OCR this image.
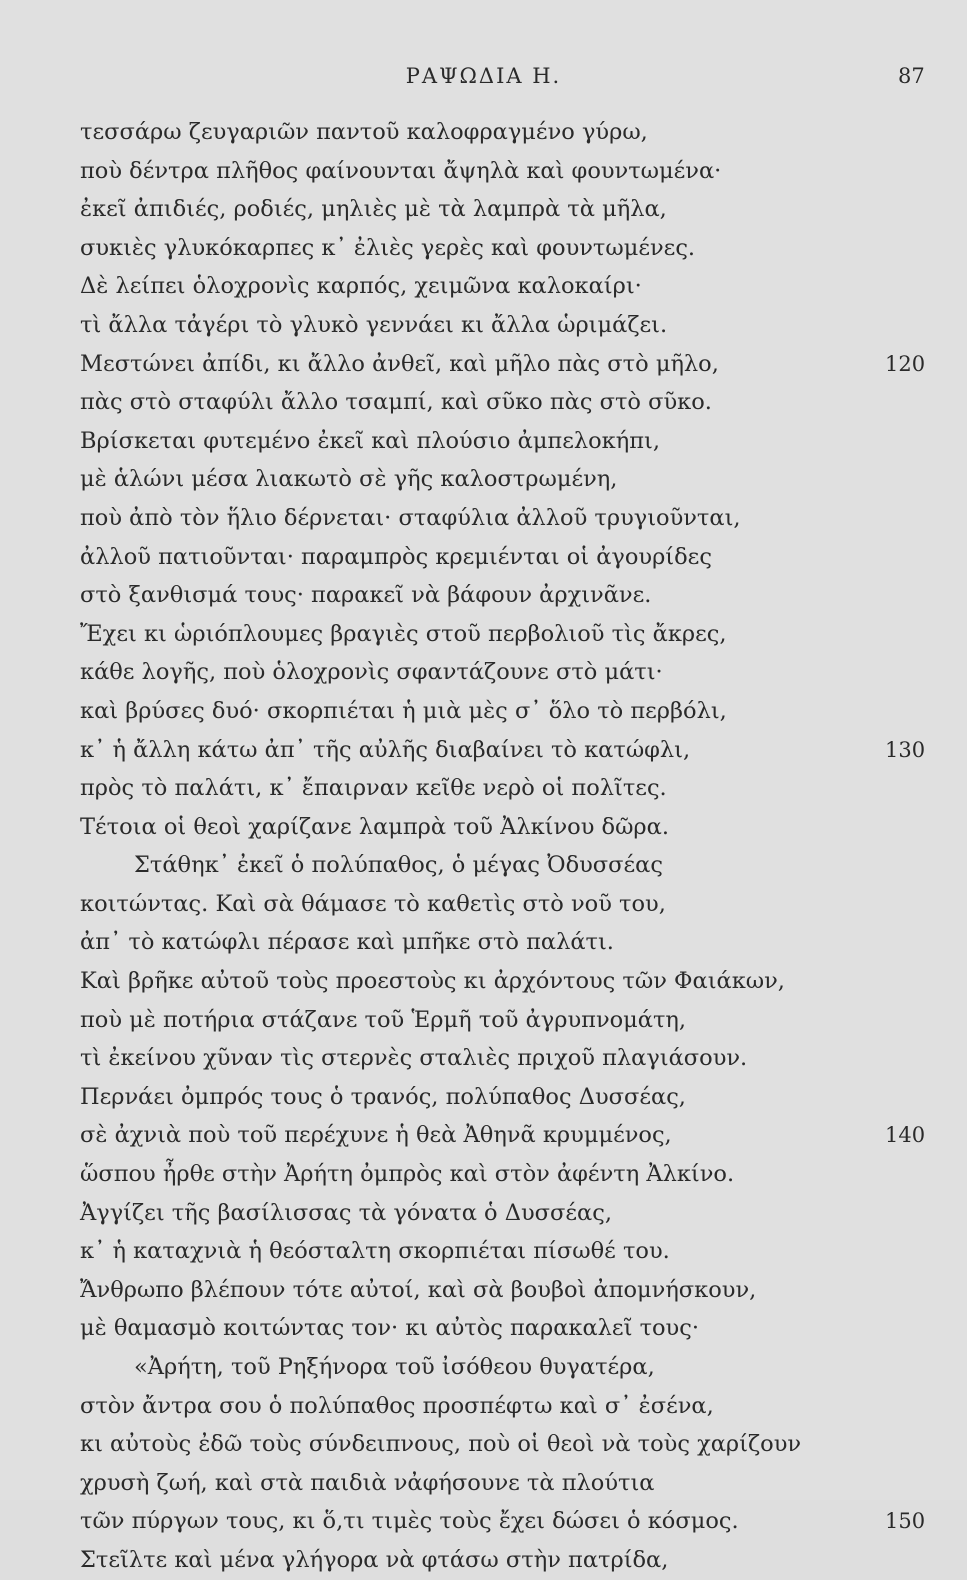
ΡΑΨΩΔΙΑ Η.	87
τεσσάρω ζευγαριῶν παντοῦ καλοφραγμένο γύρω,
ποὺ δέντρα πλῆθος φαίνουνται ἄψηλὰ καὶ φουντωμένα·
ἐκεῖ ἀπιδιές, ροδιές, μηλιὲς μὲ τὰ λαμπρὰ τὰ μῆλα,
συκιὲς γλυκόκαρπες κ᾿ ἐλιὲς γερὲς καὶ φουντωμένες.
Δὲ λείπει ὁλοχρονὶς καρπός, χειμῶνα καλοκαίρι·
τὶ ἄλλα τἀγέρι τὸ γλυκὸ γεννάει κι ἄλλα ὡριμάζει.
Μεστώνει ἀπίδι, κι ἄλλο ἀνθεῖ, καὶ μῆλο πὰς στὸ μῆλο,	120
πὰς στὸ σταφύλι ἄλλο τσαμπί, καὶ σῦκο πὰς στὸ σῦκο.
Βρίσκεται φυτεμένο ἐκεῖ καὶ πλούσιο ἀμπελοκήπι,
μὲ ἁλώνι μέσα λιακωτὸ σὲ γῆς καλοστρωμένη,
ποὺ ἀπὸ τὸν ἥλιο δέρνεται· σταφύλια ἀλλοῦ τρυγιοῦνται,
ἀλλοῦ πατιοῦνται· παραμπρὸς κρεμιένται οἱ ἀγουρίδες
στὸ ξανθισμά τους· παρακεῖ νὰ βάφουν ἀρχινᾶνε.
Ἔχει κι ὡριόπλουμες βραγιὲς στοῦ περβολιοῦ τὶς ἄκρες,
κάθε λογῆς, ποὺ ὁλοχρονὶς σφαντάζουνε στὸ μάτι·
καὶ βρύσες δυό· σκορπιέται ἡ μιὰ μὲς σ᾿ ὅλο τὸ περβόλι,
κ᾿ ἡ ἄλλη κάτω ἀπ᾿ τῆς αὐλῆς διαβαίνει τὸ κατώφλι,	130
πρὸς τὸ παλάτι, κ᾿ ἔπαιρναν κεῖθε νερὸ οἱ πολῖτες.
Τέτοια οἱ θεοὶ χαρίζανε λαμπρὰ τοῦ Ἀλκίνου δῶρα.
Στάθηκ᾿ ἐκεῖ ὁ πολύπαθος, ὁ μέγας Ὀδυσσέας
κοιτώντας. Καὶ σὰ θάμασε τὸ καθετὶς στὸ νοῦ του,
ἀπ᾿ τὸ κατώφλι πέρασε καὶ μπῆκε στὸ παλάτι.
Καὶ βρῆκε αὐτοῦ τοὺς προεστοὺς κι ἀρχόντους τῶν Φαιάκων,
ποὺ μὲ ποτήρια στάζανε τοῦ Ἑρμῆ τοῦ ἀγρυπνομάτη,
τὶ ἐκείνου χῦναν τὶς στερνὲς σταλιὲς πριχοῦ πλαγιάσουν.
Περνάει ὀμπρός τους ὁ τρανός, πολύπαθος Δυσσέας,
σὲ ἀχνιὰ ποὺ τοῦ περέχυνε ἡ θεὰ Ἀθηνᾶ κρυμμένος,	140
ὥσπου ἦρθε στὴν Ἀρήτη ὀμπρὸς καὶ στὸν ἀφέντη Ἀλκίνο.
Ἀγγίζει τῆς βασίλισσας τὰ γόνατα ὁ Δυσσέας,
κ᾿ ἡ καταχνιὰ ἡ θεόσταλτη σκορπιέται πίσωθέ του.
Ἄνθρωπο βλέπουν τότε αὐτοί, καὶ σὰ βουβοὶ ἀπομνήσκουν,
μὲ θαμασμὸ κοιτώντας τον· κι αὐτὸς παρακαλεῖ τους·
«Ἀρήτη, τοῦ Ρηξήνορα τοῦ ἰσόθεου θυγατέρα,
στὸν ἄντρα σου ὁ πολύπαθος προσπέφτω καὶ σ᾿ ἐσένα,
κι αὐτοὺς ἐδῶ τοὺς σύνδειπνους, ποὺ οἱ θεοὶ νὰ τοὺς χαρίζουν
χρυσὴ ζωή, καὶ στὰ παιδιὰ νἀφήσουνε τὰ πλούτια
τῶν πύργων τους, κι ὅ,τι τιμὲς τοὺς ἔχει δώσει ὁ κόσμος.	150
Στεῖλτε καὶ μένα γλήγορα νὰ φτάσω στὴν πατρίδα,
